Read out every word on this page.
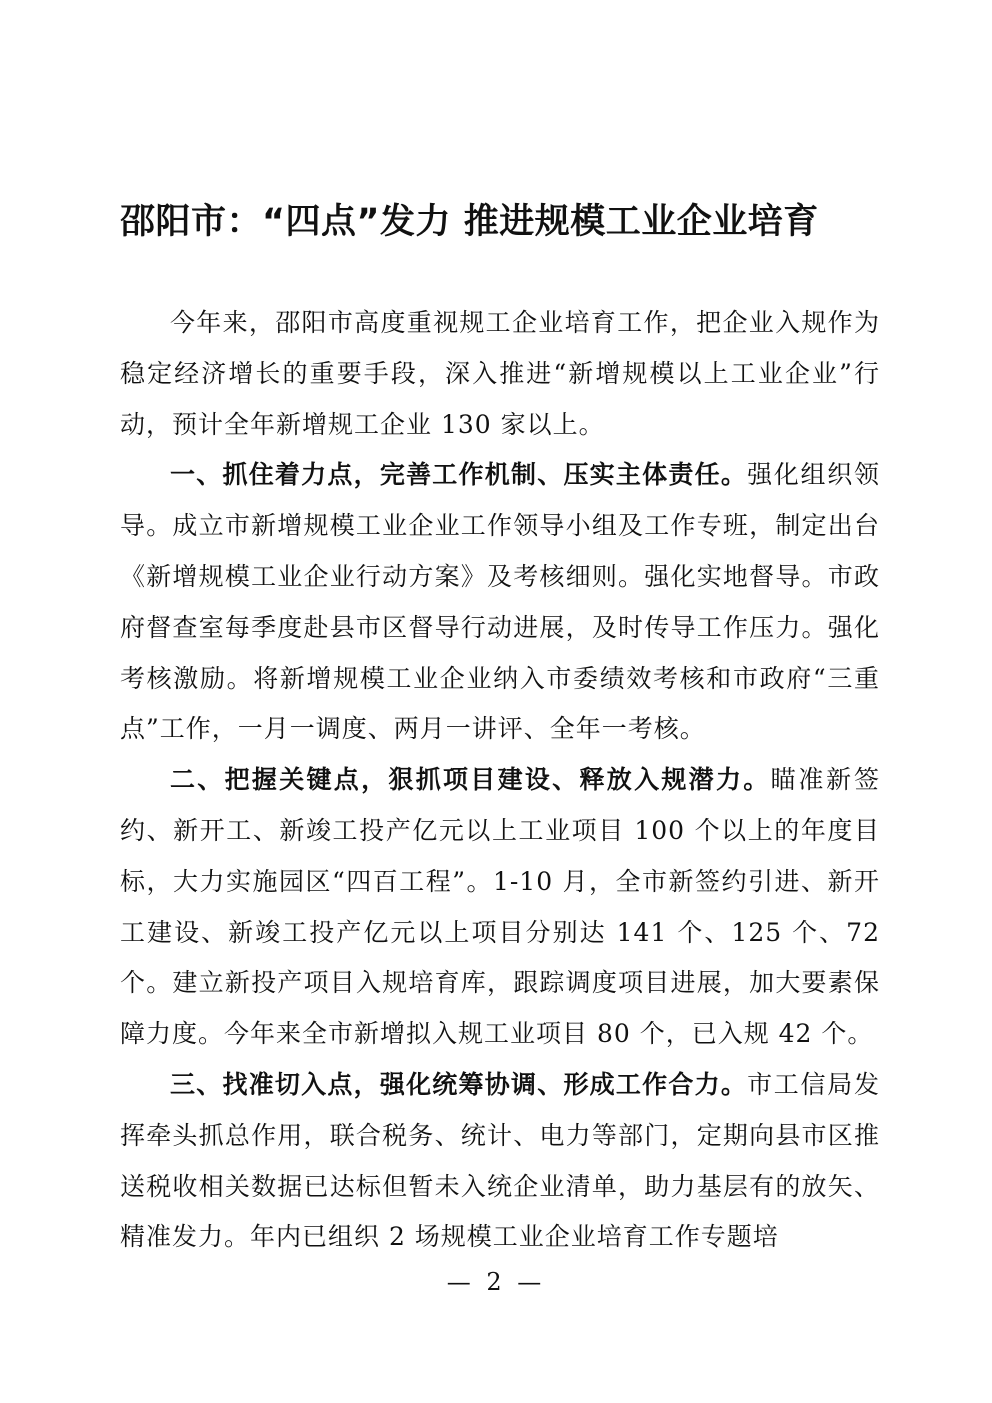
邵阳市：“四点”发力 推进规模工业企业培育

今年来，邵阳市高度重视规工企业培育工作，把企业入规作为稳定经济增长的重要手段，深入推进“新增规模以上工业企业”行动，预计全年新增规工企业 130 家以上。

一、抓住着力点，完善工作机制、压实主体责任。强化组织领导。成立市新增规模工业企业工作领导小组及工作专班，制定出台《新增规模工业企业行动方案》及考核细则。强化实地督导。市政府督查室每季度赴县市区督导行动进展，及时传导工作压力。强化考核激励。将新增规模工业企业纳入市委绩效考核和市政府“三重点”工作，一月一调度、两月一讲评、全年一考核。

二、把握关键点，狠抓项目建设、释放入规潜力。瞄准新签约、新开工、新竣工投产亿元以上工业项目 100 个以上的年度目标，大力实施园区“四百工程”。1-10 月，全市新签约引进、新开工建设、新竣工投产亿元以上项目分别达 141 个、125 个、72 个。建立新投产项目入规培育库，跟踪调度项目进展，加大要素保障力度。今年来全市新增拟入规工业项目 80 个，已入规 42 个。

三、找准切入点，强化统筹协调、形成工作合力。市工信局发挥牵头抓总作用，联合税务、统计、电力等部门，定期向县市区推送税收相关数据已达标但暂未入统企业清单，助力基层有的放矢、精准发力。年内已组织 2 场规模工业企业培育工作专题培

— 2 —
